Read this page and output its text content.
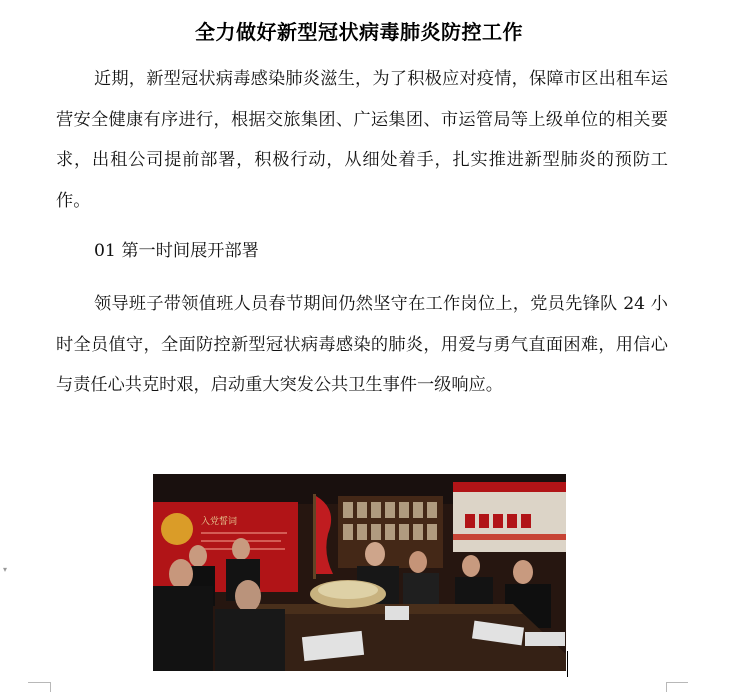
全力做好新型冠状病毒肺炎防控工作

近期，新型冠状病毒感染肺炎滋生，为了积极应对疫情，保障市区出租车运营安全健康有序进行，根据交旅集团、广运集团、市运管局等上级单位的相关要求，出租公司提前部署，积极行动，从细处着手，扎实推进新型肺炎的预防工作。

01 第一时间展开部署

领导班子带领值班人员春节期间仍然坚守在工作岗位上，党员先锋队 24 小时全员值守，全面防控新型冠状病毒感染的肺炎，用爱与勇气直面困难，用信心与责任心共克时艰，启动重大突发公共卫生事件一级响应。

入党誓词
▾
